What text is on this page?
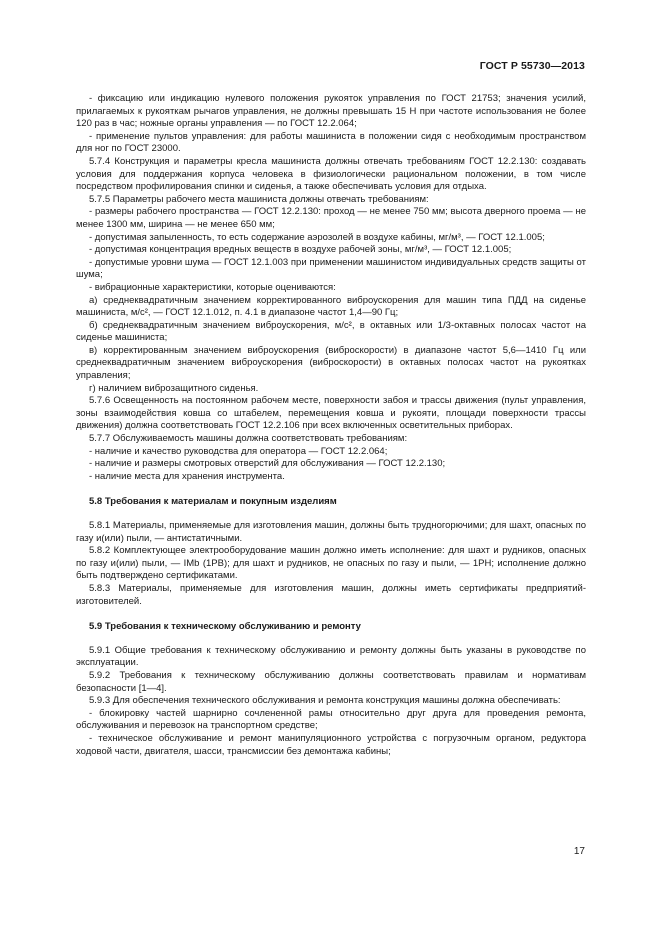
ГОСТ Р 55730—2013

- фиксацию или индикацию нулевого положения рукояток управления по ГОСТ 21753; значения усилий, прилагаемых к рукояткам рычагов управления, не должны превышать 15 Н при частоте использования не более 120 раз в час; ножные органы управления — по ГОСТ 12.2.064;

- применение пультов управления: для работы машиниста в положении сидя с необходимым пространством для ног по ГОСТ 23000.

5.7.4 Конструкция и параметры кресла машиниста должны отвечать требованиям ГОСТ 12.2.130: создавать условия для поддержания корпуса человека в физиологически рациональном положении, в том числе посредством профилирования спинки и сиденья, а также обеспечивать условия для отдыха.

5.7.5 Параметры рабочего места машиниста должны отвечать требованиям:

- размеры рабочего пространства — ГОСТ 12.2.130: проход — не менее 750 мм; высота дверного проема — не менее 1300 мм, ширина — не менее 650 мм;

- допустимая запыленность, то есть содержание аэрозолей в воздухе кабины, мг/м³, — ГОСТ 12.1.005;

- допустимая концентрация вредных веществ в воздухе рабочей зоны, мг/м³, — ГОСТ 12.1.005;

- допустимые уровни шума — ГОСТ 12.1.003 при применении машинистом индивидуальных средств защиты от шума;

- вибрационные характеристики, которые оцениваются:

а) среднеквадратичным значением корректированного виброускорения для машин типа ПДД на сиденье машиниста, м/с², — ГОСТ 12.1.012, п. 4.1 в диапазоне частот 1,4—90 Гц;

б) среднеквадратичным значением виброускорения, м/с², в октавных или 1/3-октавных полосах частот на сиденье машиниста;

в) корректированным значением виброускорения (виброскорости) в диапазоне частот 5,6—1410 Гц или среднеквадратичным значением виброускорения (виброскорости) в октавных полосах частот на рукоятках управления;

г) наличием виброзащитного сиденья.

5.7.6 Освещенность на постоянном рабочем месте, поверхности забоя и трассы движения (пульт управления, зоны взаимодействия ковша со штабелем, перемещения ковша и рукояти, площади поверхности трассы движения) должна соответствовать ГОСТ 12.2.106 при всех включенных осветительных приборах.

5.7.7 Обслуживаемость машины должна соответствовать требованиям:

- наличие и качество руководства для оператора — ГОСТ 12.2.064;

- наличие и размеры смотровых отверстий для обслуживания — ГОСТ 12.2.130;

- наличие места для хранения инструмента.

5.8 Требования к материалам и покупным изделиям

5.8.1 Материалы, применяемые для изготовления машин, должны быть трудногорючими; для шахт, опасных по газу и(или) пыли, — антистатичными.

5.8.2 Комплектующее электрооборудование машин должно иметь исполнение: для шахт и рудников, опасных по газу и(или) пыли, — IMb (1РВ); для шахт и рудников, не опасных по газу и пыли, — 1РН; исполнение должно быть подтверждено сертификатами.

5.8.3 Материалы, применяемые для изготовления машин, должны иметь сертификаты предприятий-изготовителей.

5.9 Требования к техническому обслуживанию и ремонту

5.9.1 Общие требования к техническому обслуживанию и ремонту должны быть указаны в руководстве по эксплуатации.

5.9.2 Требования к техническому обслуживанию должны соответствовать правилам и нормативам безопасности [1—4].

5.9.3 Для обеспечения технического обслуживания и ремонта конструкция машины должна обеспечивать:

- блокировку частей шарнирно сочлененной рамы относительно друг друга для проведения ремонта, обслуживания и перевозок на транспортном средстве;

- техническое обслуживание и ремонт манипуляционного устройства с погрузочным органом, редуктора ходовой части, двигателя, шасси, трансмиссии без демонтажа кабины;

17
